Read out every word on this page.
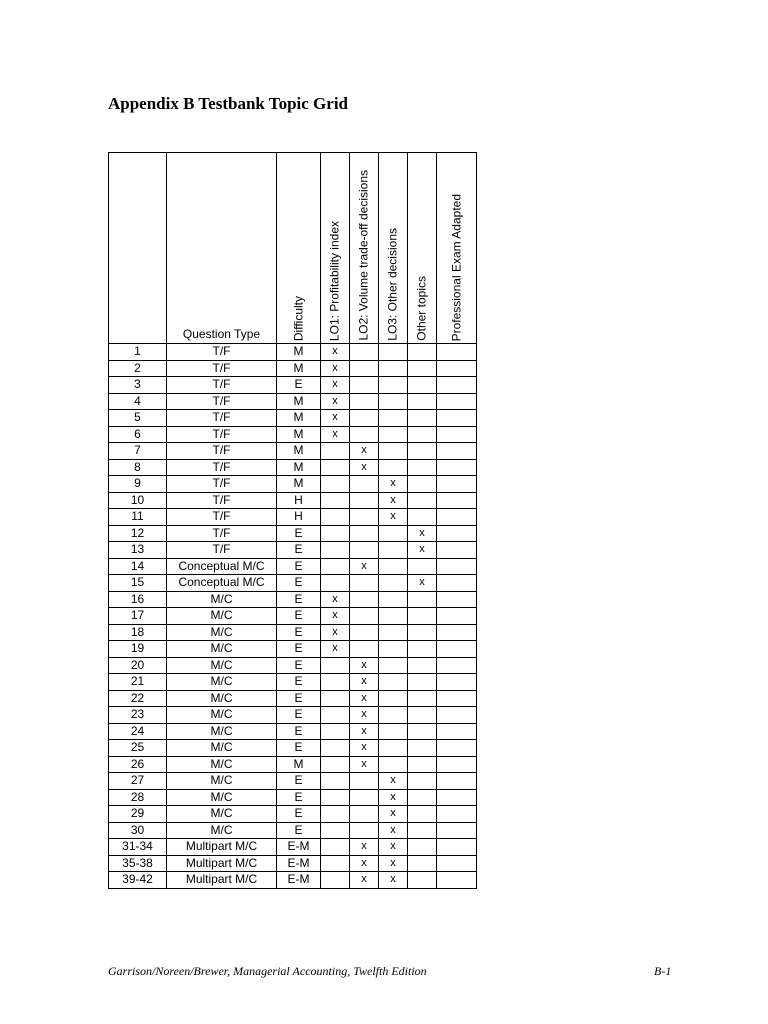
Appendix B Testbank Topic Grid

	Question Type	Difficulty	LO1: Profitability index	LO2: Volume trade-off decisions	LO3: Other decisions	Other topics	Professional Exam Adapted

1	T/F	M	x				
2	T/F	M	x				
3	T/F	E	x				
4	T/F	M	x				
5	T/F	M	x				
6	T/F	M	x				
7	T/F	M		x			
8	T/F	M		x			
9	T/F	M			x		
10	T/F	H			x		
11	T/F	H			x		
12	T/F	E				x	
13	T/F	E				x	
14	Conceptual M/C	E		x			
15	Conceptual M/C	E				x	
16	M/C	E	x				
17	M/C	E	x				
18	M/C	E	x				
19	M/C	E	x				
20	M/C	E		x			
21	M/C	E		x			
22	M/C	E		x			
23	M/C	E		x			
24	M/C	E		x			
25	M/C	E		x			
26	M/C	M		x			
27	M/C	E			x		
28	M/C	E			x		
29	M/C	E			x		
30	M/C	E			x		
31-34	Multipart M/C	E-M		x	x		
35-38	Multipart M/C	E-M		x	x		
39-42	Multipart M/C	E-M		x	x		
Garrison/Noreen/Brewer, Managerial Accounting, Twelfth Edition	B-1
